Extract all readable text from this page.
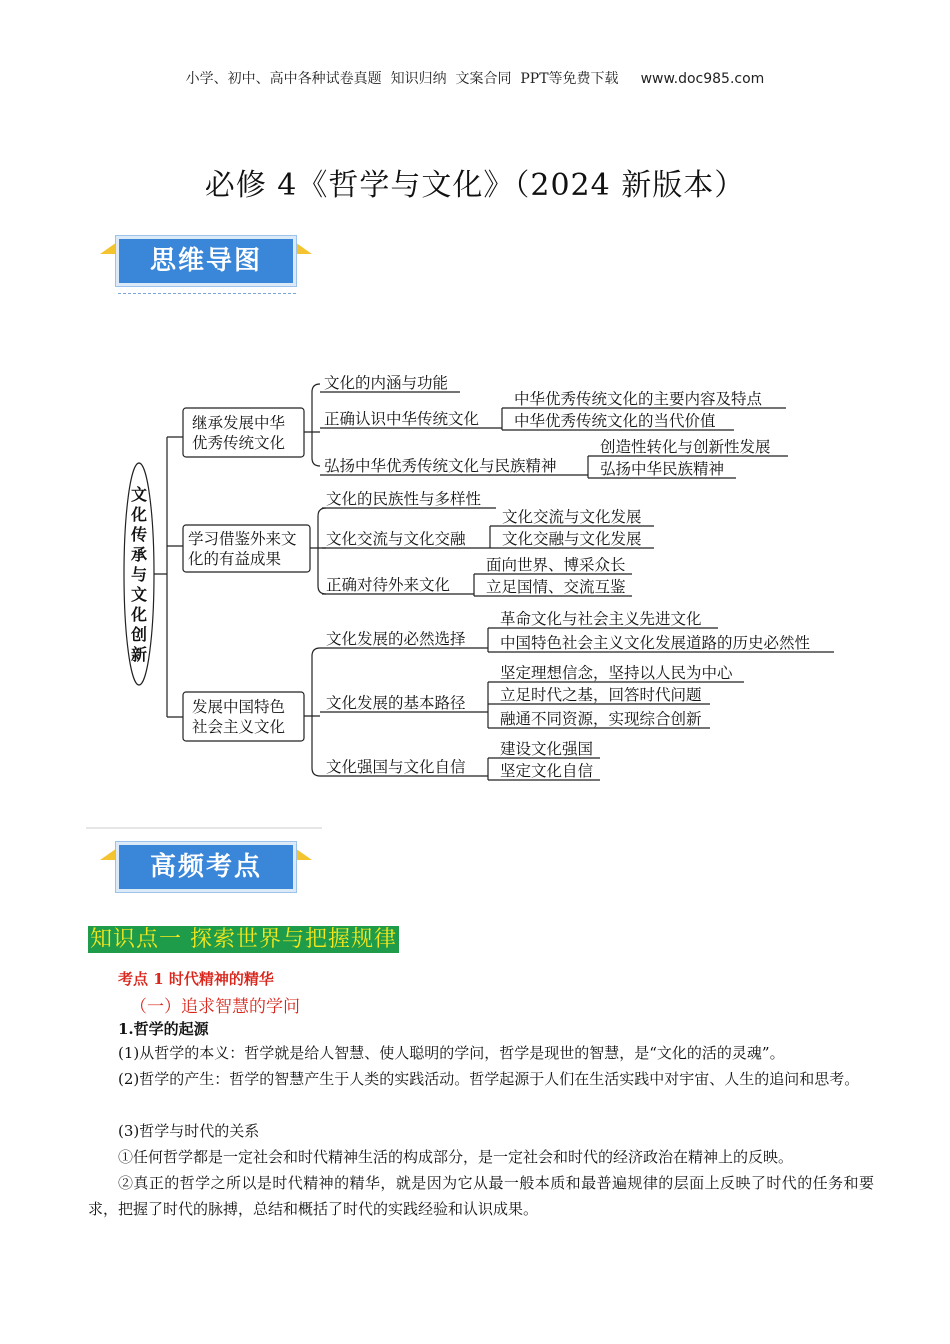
小学、初中、高中各种试卷真题  知识归纳  文案合同  PPT等免费下载 www.doc985.com
必修 4《哲学与文化》（2024 新版本）
思维导图
文
化
传
承
与
文
化
创
新
继承发展中华
优秀传统文化
学习借鉴外来文
化的有益成果
发展中国特色
社会主义文化
文化的内涵与功能
正确认识中华传统文化
弘扬中华优秀传统文化与民族精神
中华优秀传统文化的主要内容及特点
中华优秀传统文化的当代价值
创造性转化与创新性发展
弘扬中华民族精神
文化的民族性与多样性
文化交流与文化交融
正确对待外来文化
文化交流与文化发展
文化交融与文化发展
面向世界、博采众长
立足国情、交流互鉴
文化发展的必然选择
文化发展的基本路径
文化强国与文化自信
革命文化与社会主义先进文化
中国特色社会主义文化发展道路的历史必然性
坚定理想信念，坚持以人民为中心
立足时代之基，回答时代问题
融通不同资源，实现综合创新
建设文化强国
坚定文化自信
高频考点
知识点一 探索世界与把握规律
考点 1 时代精神的精华
（一）追求智慧的学问
1.哲学的起源
(1)从哲学的本义：哲学就是给人智慧、使人聪明的学问，哲学是现世的智慧，是“文化的活的灵魂”。
(2)哲学的产生：哲学的智慧产生于人类的实践活动。哲学起源于人们在生活实践中对宇宙、人生的追问和思考。
(3)哲学与时代的关系
①任何哲学都是一定社会和时代精神生活的构成部分，是一定社会和时代的经济政治在精神上的反映。
②真正的哲学之所以是时代精神的精华，就是因为它从最一般本质和最普遍规律的层面上反映了时代的任务和要求，把握了时代的脉搏，总结和概括了时代的实践经验和认识成果。
